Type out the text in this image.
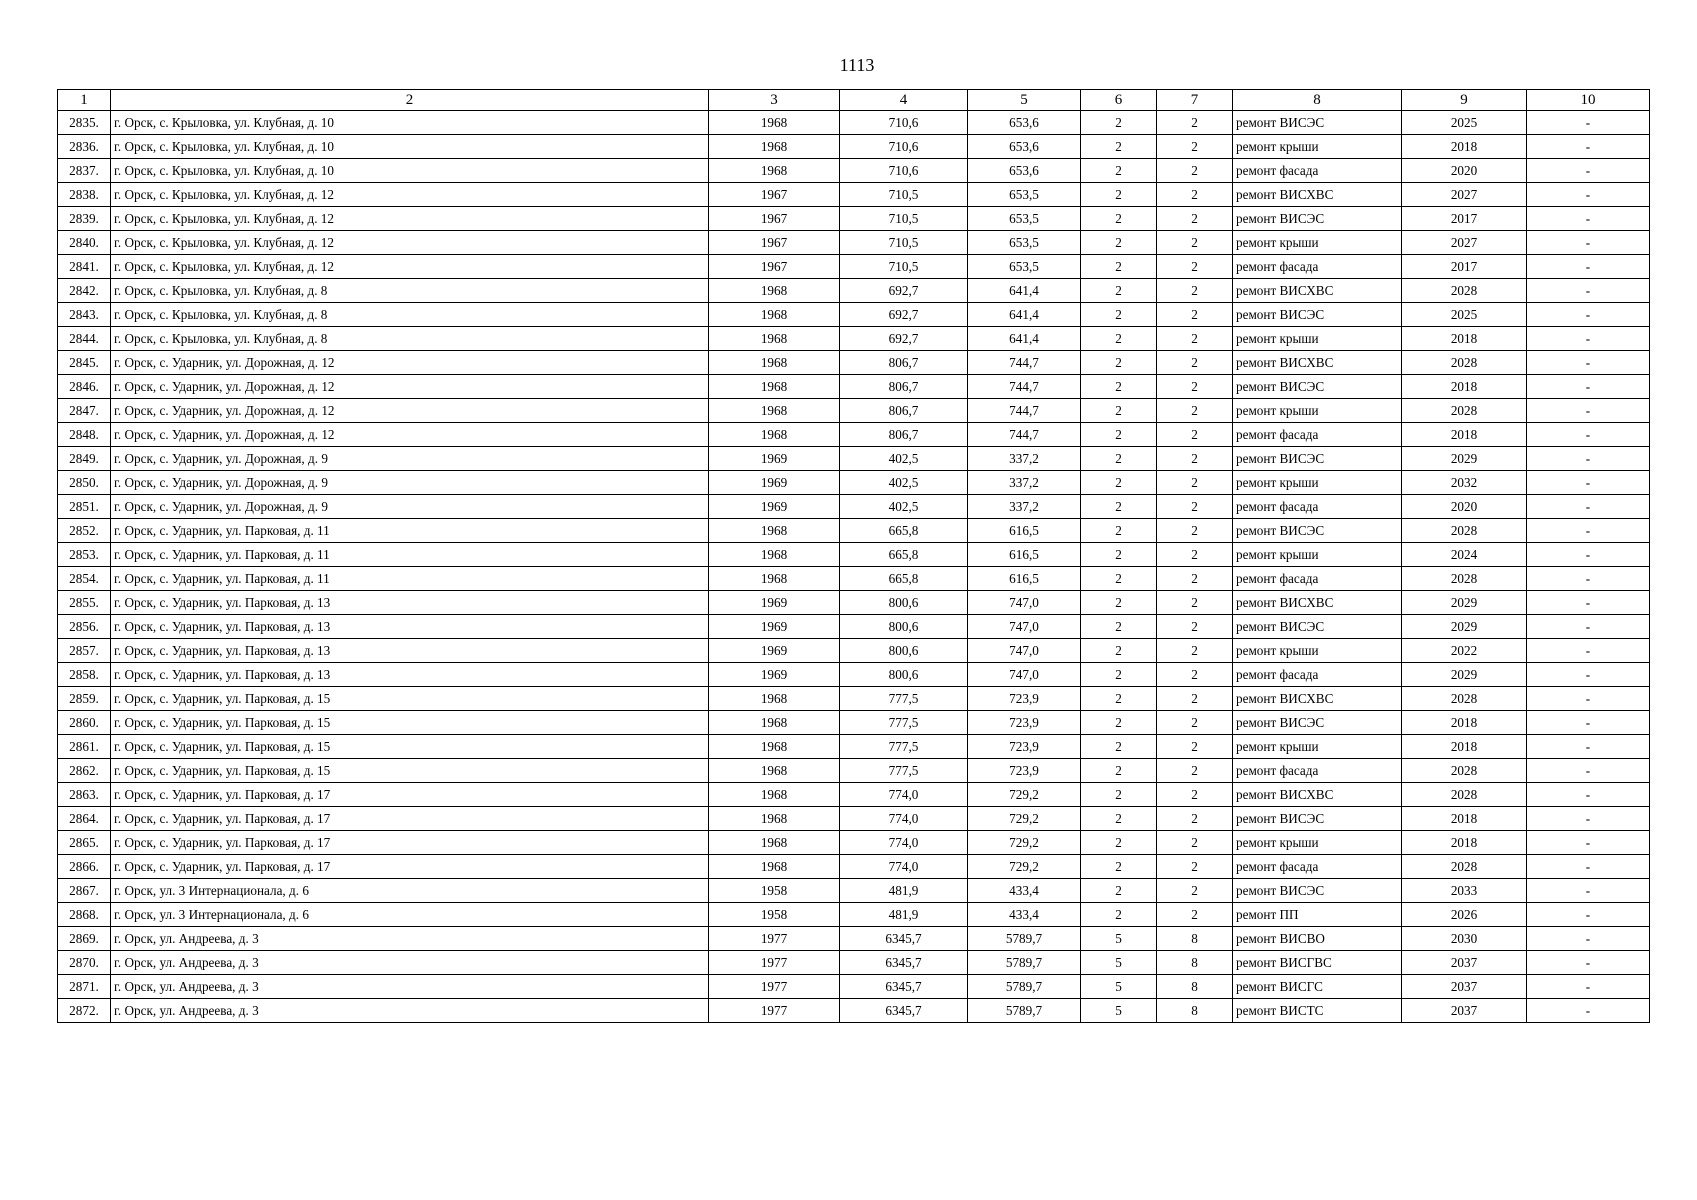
1113
1	2	3	4	5	6	7	8	9	10
2835.	г. Орск, с. Крыловка, ул. Клубная, д. 10	1968	710,6	653,6	2	2	ремонт ВИСЭС	2025	-
2836.	г. Орск, с. Крыловка, ул. Клубная, д. 10	1968	710,6	653,6	2	2	ремонт крыши	2018	-
2837.	г. Орск, с. Крыловка, ул. Клубная, д. 10	1968	710,6	653,6	2	2	ремонт фасада	2020	-
2838.	г. Орск, с. Крыловка, ул. Клубная, д. 12	1967	710,5	653,5	2	2	ремонт ВИСХВС	2027	-
2839.	г. Орск, с. Крыловка, ул. Клубная, д. 12	1967	710,5	653,5	2	2	ремонт ВИСЭС	2017	-
2840.	г. Орск, с. Крыловка, ул. Клубная, д. 12	1967	710,5	653,5	2	2	ремонт крыши	2027	-
2841.	г. Орск, с. Крыловка, ул. Клубная, д. 12	1967	710,5	653,5	2	2	ремонт фасада	2017	-
2842.	г. Орск, с. Крыловка, ул. Клубная, д. 8	1968	692,7	641,4	2	2	ремонт ВИСХВС	2028	-
2843.	г. Орск, с. Крыловка, ул. Клубная, д. 8	1968	692,7	641,4	2	2	ремонт ВИСЭС	2025	-
2844.	г. Орск, с. Крыловка, ул. Клубная, д. 8	1968	692,7	641,4	2	2	ремонт крыши	2018	-
2845.	г. Орск, с. Ударник, ул. Дорожная, д. 12	1968	806,7	744,7	2	2	ремонт ВИСХВС	2028	-
2846.	г. Орск, с. Ударник, ул. Дорожная, д. 12	1968	806,7	744,7	2	2	ремонт ВИСЭС	2018	-
2847.	г. Орск, с. Ударник, ул. Дорожная, д. 12	1968	806,7	744,7	2	2	ремонт крыши	2028	-
2848.	г. Орск, с. Ударник, ул. Дорожная, д. 12	1968	806,7	744,7	2	2	ремонт фасада	2018	-
2849.	г. Орск, с. Ударник, ул. Дорожная, д. 9	1969	402,5	337,2	2	2	ремонт ВИСЭС	2029	-
2850.	г. Орск, с. Ударник, ул. Дорожная, д. 9	1969	402,5	337,2	2	2	ремонт крыши	2032	-
2851.	г. Орск, с. Ударник, ул. Дорожная, д. 9	1969	402,5	337,2	2	2	ремонт фасада	2020	-
2852.	г. Орск, с. Ударник, ул. Парковая, д. 11	1968	665,8	616,5	2	2	ремонт ВИСЭС	2028	-
2853.	г. Орск, с. Ударник, ул. Парковая, д. 11	1968	665,8	616,5	2	2	ремонт крыши	2024	-
2854.	г. Орск, с. Ударник, ул. Парковая, д. 11	1968	665,8	616,5	2	2	ремонт фасада	2028	-
2855.	г. Орск, с. Ударник, ул. Парковая, д. 13	1969	800,6	747,0	2	2	ремонт ВИСХВС	2029	-
2856.	г. Орск, с. Ударник, ул. Парковая, д. 13	1969	800,6	747,0	2	2	ремонт ВИСЭС	2029	-
2857.	г. Орск, с. Ударник, ул. Парковая, д. 13	1969	800,6	747,0	2	2	ремонт крыши	2022	-
2858.	г. Орск, с. Ударник, ул. Парковая, д. 13	1969	800,6	747,0	2	2	ремонт фасада	2029	-
2859.	г. Орск, с. Ударник, ул. Парковая, д. 15	1968	777,5	723,9	2	2	ремонт ВИСХВС	2028	-
2860.	г. Орск, с. Ударник, ул. Парковая, д. 15	1968	777,5	723,9	2	2	ремонт ВИСЭС	2018	-
2861.	г. Орск, с. Ударник, ул. Парковая, д. 15	1968	777,5	723,9	2	2	ремонт крыши	2018	-
2862.	г. Орск, с. Ударник, ул. Парковая, д. 15	1968	777,5	723,9	2	2	ремонт фасада	2028	-
2863.	г. Орск, с. Ударник, ул. Парковая, д. 17	1968	774,0	729,2	2	2	ремонт ВИСХВС	2028	-
2864.	г. Орск, с. Ударник, ул. Парковая, д. 17	1968	774,0	729,2	2	2	ремонт ВИСЭС	2018	-
2865.	г. Орск, с. Ударник, ул. Парковая, д. 17	1968	774,0	729,2	2	2	ремонт крыши	2018	-
2866.	г. Орск, с. Ударник, ул. Парковая, д. 17	1968	774,0	729,2	2	2	ремонт фасада	2028	-
2867.	г. Орск, ул. 3 Интернационала, д. 6	1958	481,9	433,4	2	2	ремонт ВИСЭС	2033	-
2868.	г. Орск, ул. 3 Интернационала, д. 6	1958	481,9	433,4	2	2	ремонт ПП	2026	-
2869.	г. Орск, ул. Андреева, д. 3	1977	6345,7	5789,7	5	8	ремонт ВИСВО	2030	-
2870.	г. Орск, ул. Андреева, д. 3	1977	6345,7	5789,7	5	8	ремонт ВИСГВС	2037	-
2871.	г. Орск, ул. Андреева, д. 3	1977	6345,7	5789,7	5	8	ремонт ВИСГС	2037	-
2872.	г. Орск, ул. Андреева, д. 3	1977	6345,7	5789,7	5	8	ремонт ВИСТС	2037	-
